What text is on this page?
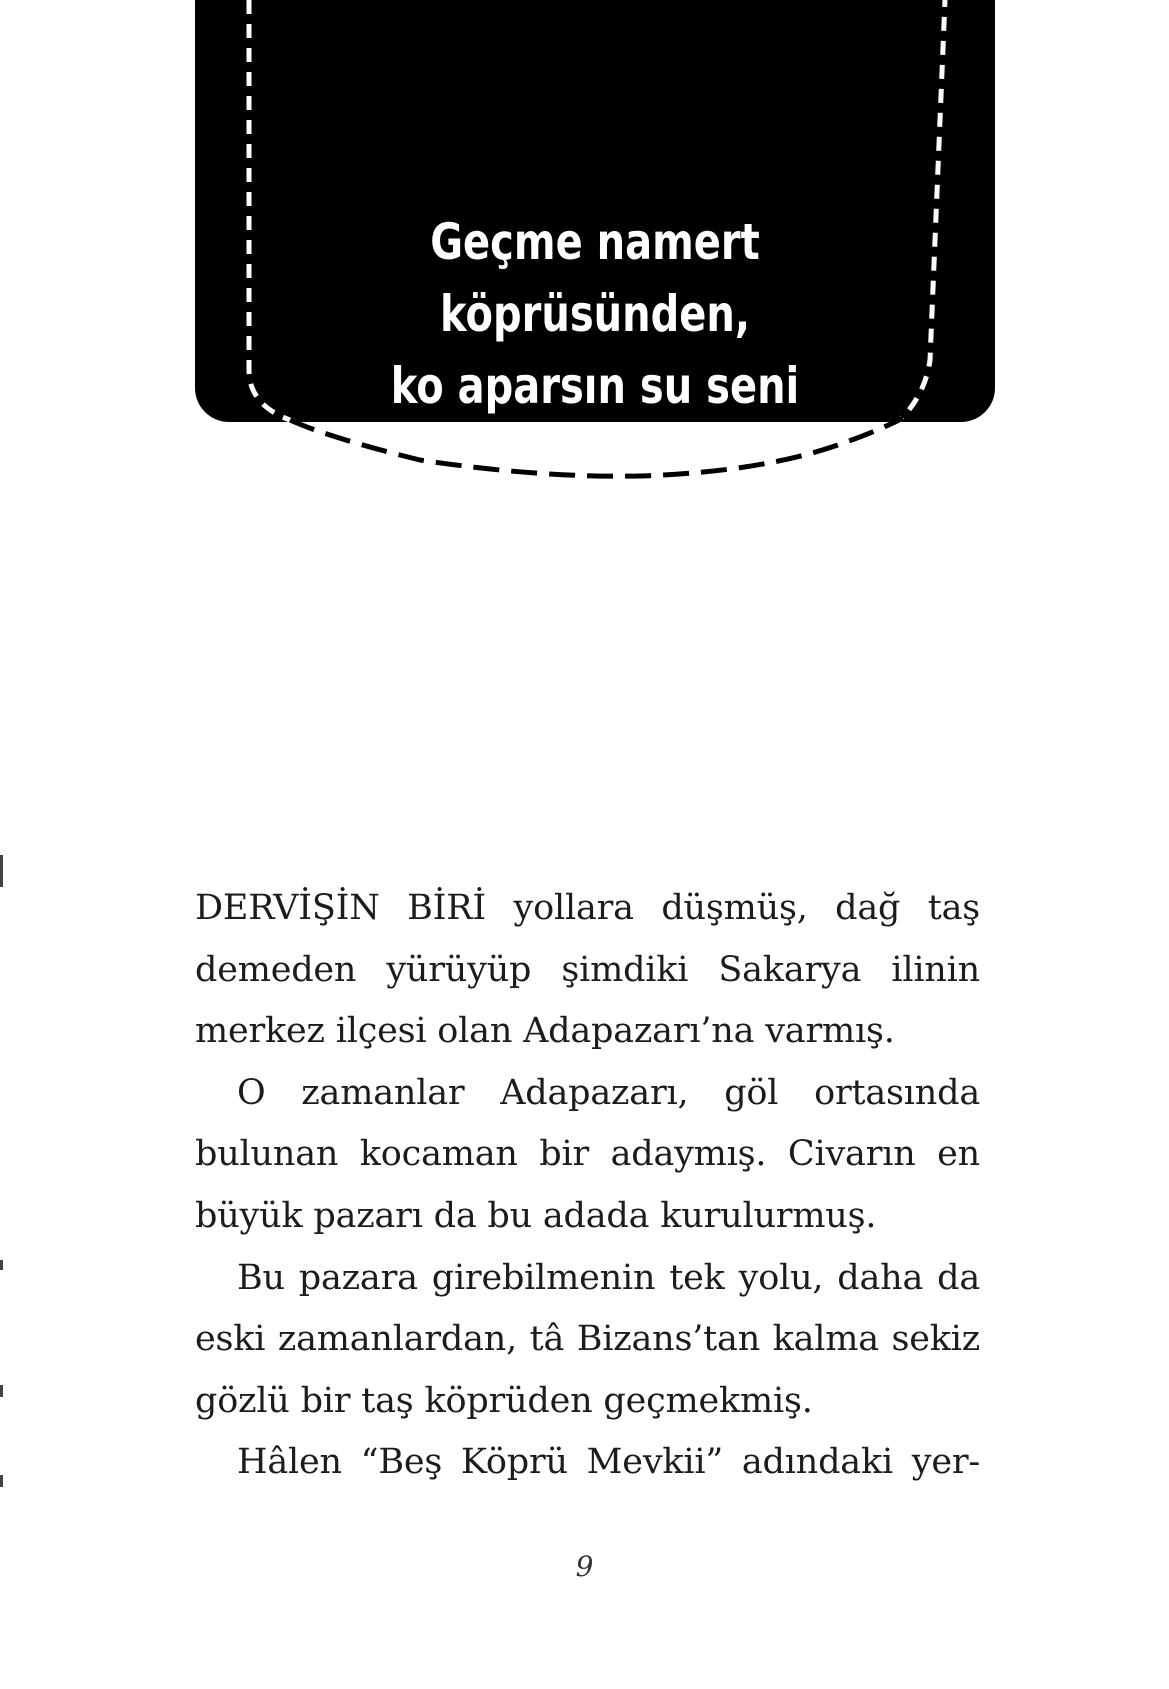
Geçme namert köprüsünden,
ko aparsın su seni

DERVİŞİN BİRİ yollara düşmüş, dağ taş demeden yürüyüp şimdiki Sakarya ilinin merkez ilçesi olan Adapazarı’na varmış.

O zamanlar Adapazarı, göl ortasında bulunan kocaman bir adaymış. Civarın en büyük pazarı da bu adada kurulurmuş.

Bu pazara girebilmenin tek yolu, daha da eski zamanlardan, tâ Bizans’tan kalma sekiz gözlü bir taş köprüden geçmekmiş.

Hâlen “Beş Köprü Mevkii” adındaki yer-

9
